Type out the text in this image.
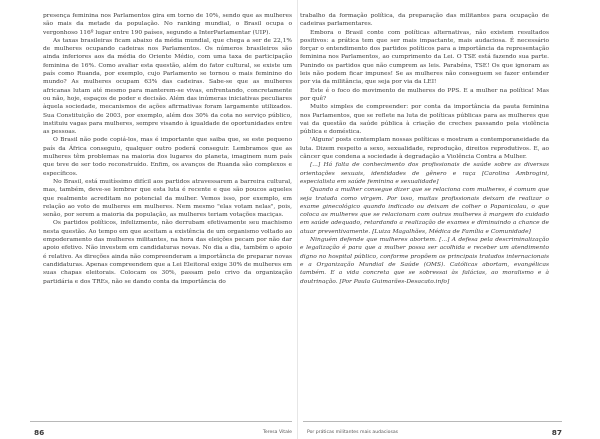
presença feminina nos Parlamentos gira em torno de 10%, sendo que as mulheres são mais da metade da população. No ranking mundial, o Brasil ocupa o vergonhoso 116º lugar entre 190 países, segundo a InterParlamentar (UIP).

As taxas brasileiras ficam abaixo da média mundial, que chega a ser de 22,1% de mulheres ocupando cadeiras nos Parlamentos. Os números brasileiros são ainda inferiores aos da média do Oriente Médio, com uma taxa de participação feminina de 16%. Como avaliar esta questão, além do fator cultural, se existe um país como Ruanda, por exemplo, cujo Parlamento se tornou o mais feminino do mundo? As mulheres ocupam 63% das cadeiras. Sabe-se que as mulheres africanas lutam até mesmo para manterem-se vivas, enfrentando, concretamente ou não, hoje, espaços de poder e decisão. Além das inúmeras iniciativas peculiares àquela sociedade, mecanismos de ações afirmativas foram largamente utilizados. Sua Constituição de 2003, por exemplo, além dos 30% da cota no serviço público, instituiu vagas para mulheres, sempre visando à igualdade de oportunidades entre as pessoas.

O Brasil não pode copiá-los, mas é importante que saiba que, se este pequeno país da África conseguiu, qualquer outro poderá conseguir. Lembramos que as mulheres têm problemas na maioria dos lugares do planeta, imaginem num país que teve de ser todo reconstruído. Enfim, os avanços de Ruanda são complexos e específicos.

No Brasil, está muitíssimo difícil aos partidos atravessarem a barreira cultural, mas, também, deve-se lembrar que esta luta é recente e que são poucos aqueles que realmente acreditam no potencial da mulher. Vemos isso, por exemplo, em relação ao voto de mulheres em mulheres. Nem mesmo "elas votam nelas", pois, senão, por serem a maioria da população, as mulheres teriam votações maciças.

Os partidos políticos, infelizmente, não derrubam efetivamente seu machismo nesta questão. Ao tempo em que aceitam a existência de um organismo voltado ao empoderamento das mulheres militantes, na hora das eleições pecam por não dar apoio efetivo. Não investem em candidaturas novas. No dia a dia, também o apoio é relativo. As direções ainda não compreenderam a importância de preparar novas candidaturas. Apenas compreendem que a Lei Eleitoral exige 30% de mulheres em suas chapas eleitorais. Colocam os 30%, passam pelo crivo da organização partidária e dos TREs, não se dando conta da importância do

trabalho da formação política, da preparação das militantes para ocupação de cadeiras parlamentares.

Embora o Brasil conte com políticas alternativas, não existem resultados positivos: a prática tem que ser mais impactante, mais audaciosa. É necessário forçar o entendimento dos partidos políticos para a importância da representação feminina nos Parlamentos, ao cumprimento da Lei. O TSE está fazendo sua parte. Punindo os partidos que não cumprem as leis. Parabéns, TSE! Os que ignoram as leis não podem ficar impunes! Se as mulheres não conseguem se fazer entender por via da militância, que seja por via da LEI!

Este é o foco do movimento de mulheres do PPS. E a mulher na política! Mas por quê?

Muito simples de compreender: por conta da importância da pauta feminina nos Parlamentos, que se reflete na luta de políticas públicas para as mulheres que vai da questão da saúde pública à criação de creches passando pela violência pública e doméstica.

'Alguns' posts contemplam nossas políticas e mostram a contemporaneidade da luta. Dizem respeito a sexo, sexualidade, reprodução, direitos reprodutivos. E, ao câncer que condena a sociedade à degradação a Violência Contra a Mulher.

[...] Há falta de conhecimento dos profissionais de saúde sobre as diversas orientações sexuais, identidades de gênero e raça [Carolina Ambrogini, especialista em saúde feminina e sexualidade]

Quando a mulher consegue dizer que se relaciona com mulheres, é comum que seja tratada como virgem. Por isso, muitas profissionais deixam de realizar o exame ginecológico quando indicado ou deixam de colher o Papanicolau, o que coloca as mulheres que se relacionam com outras mulheres à margem do cuidado em saúde adequado, retardando a realização de exames e diminuindo a chance de atuar preventivamente. [Luiza Magalhães, Médica de Família e Comunidade]

Ninguém defende que mulheres abortem. [...] A defesa pela descriminalização e legalização é para que a mulher possa ser acolhida e receber um atendimento digno no hospital público, conforme propõem os principais tratados internacionais e a Organização Mundial de Saúde (OMS). Católicas abortam, evangélicas também. E a vida concreta que se sobressai às falácias, ao moralismo e à doutrinação. [Por Paula Guimarães-Desacato.info]

86	Teresa Vitale	Por práticas militantes mais audaciosas	87
